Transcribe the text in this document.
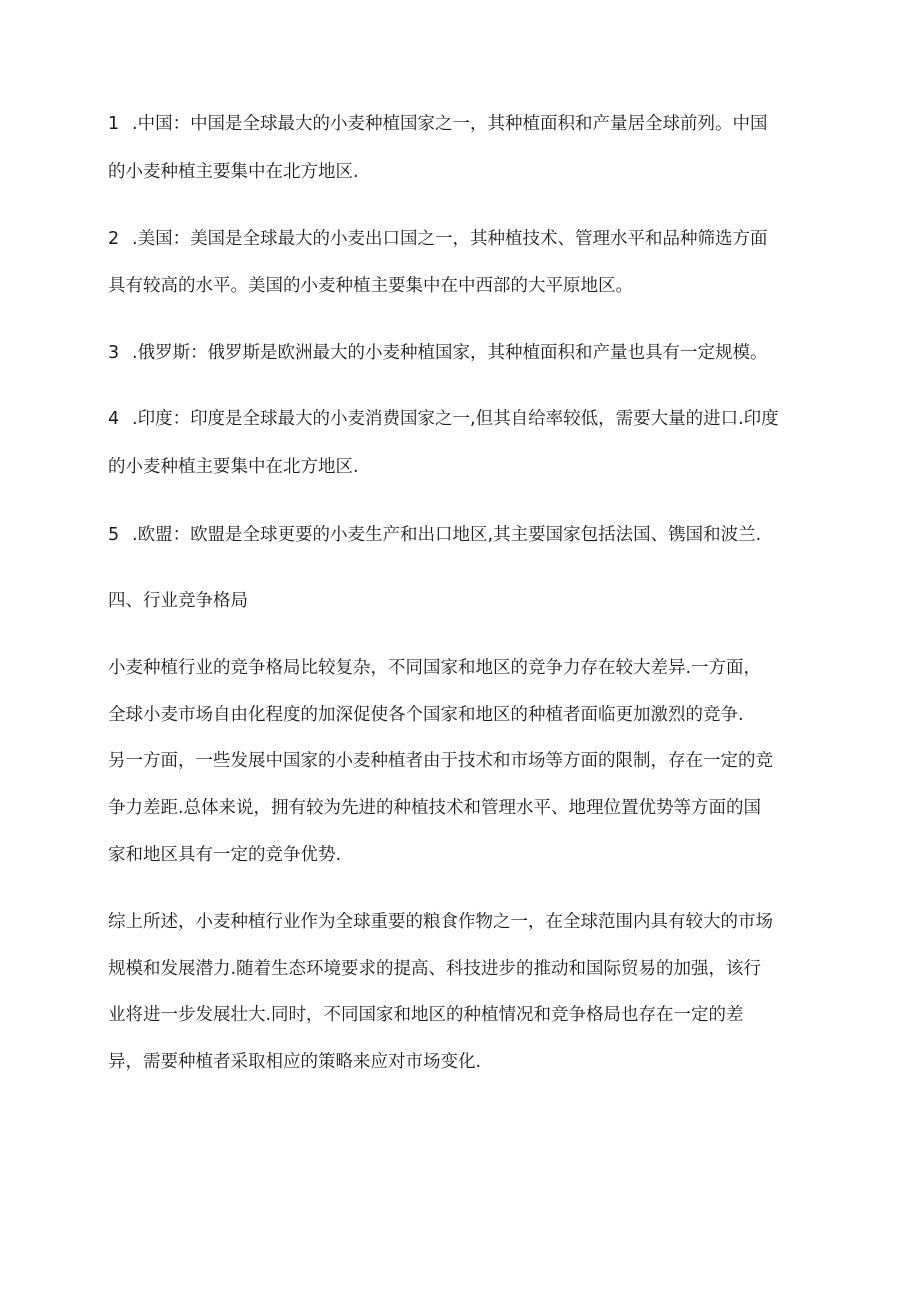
1 .中国：中国是全球最大的小麦种植国家之一，其种植面积和产量居全球前列。中国
的小麦种植主要集中在北方地区.
2 .美国：美国是全球最大的小麦出口国之一，其种植技术、管理水平和品种筛选方面
具有较高的水平。美国的小麦种植主要集中在中西部的大平原地区。
3 .俄罗斯：俄罗斯是欧洲最大的小麦种植国家，其种植面积和产量也具有一定规模。
4 .印度：印度是全球最大的小麦消费国家之一,但其自给率较低，需要大量的进口.印度
的小麦种植主要集中在北方地区.
5 .欧盟：欧盟是全球更要的小麦生产和出口地区,其主要国家包括法国、镌国和波兰.
四、行业竞争格局
小麦种植行业的竞争格局比较复杂，不同国家和地区的竞争力存在较大差异.一方面，
全球小麦市场自由化程度的加深促使各个国家和地区的种植者面临更加激烈的竞争.
另一方面，一些发展中国家的小麦种植者由于技术和市场等方面的限制，存在一定的竞
争力差距.总体来说，拥有较为先进的种植技术和管理水平、地理位置优势等方面的国
家和地区具有一定的竞争优势.
综上所述，小麦种植行业作为全球重要的粮食作物之一，在全球范围内具有较大的市场
规模和发展潜力.随着生态环境要求的提高、科技进步的推动和国际贸易的加强，该行
业将进一步发展壮大.同时，不同国家和地区的种植情况和竞争格局也存在一定的差
异，需要种植者采取相应的策略来应对市场变化.
